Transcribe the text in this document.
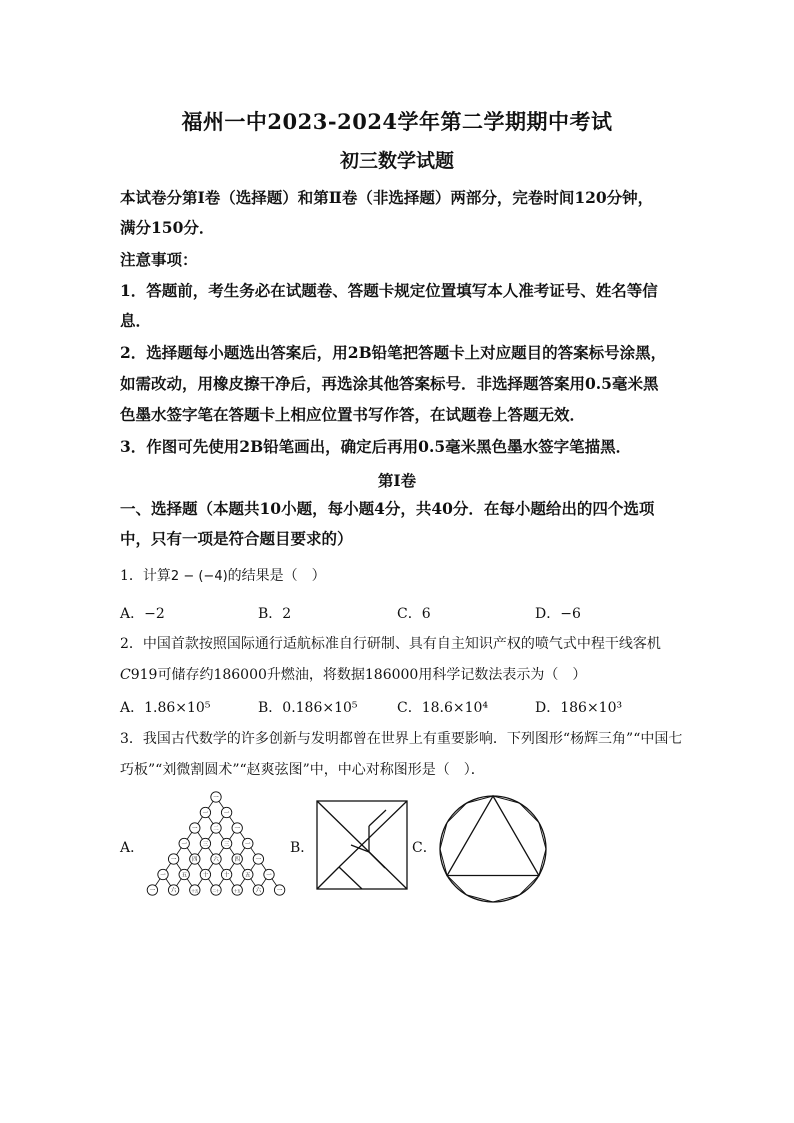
福州一中2023-2024学年第二学期期中考试
初三数学试题
本试卷分第Ⅰ卷（选择题）和第Ⅱ卷（非选择题）两部分，完卷时间120分钟，
满分150分．
注意事项：
1．答题前，考生务必在试题卷、答题卡规定位置填写本人准考证号、姓名等信
息．
2．选择题每小题选出答案后，用2B铅笔把答题卡上对应题目的答案标号涂黑，
如需改动，用橡皮擦干净后，再选涂其他答案标号．非选择题答案用0.5毫米黑
色墨水签字笔在答题卡上相应位置书写作答，在试题卷上答题无效．
3．作图可先使用2B铅笔画出，确定后再用0.5毫米黑色墨水签字笔描黑．
第Ⅰ卷
一、选择题（本题共10小题，每小题4分，共40分．在每小题给出的四个选项
中，只有一项是符合题目要求的）
1．计算2 − (−4)的结果是（　）
A．−2	B．2	C．6	D．−6
2．中国首款按照国际通行适航标准自行研制、具有自主知识产权的喷气式中程干线客机
C919可储存约186000升燃油，将数据186000用科学记数法表示为（　）
A．1.86×10⁵	B．0.186×10⁵	C．18.6×10⁴	D．186×10³
3．我国古代数学的许多创新与发明都曾在世界上有重要影响．下列图形“杨辉三角”“中国七
巧板”“刘微割圆术”“赵爽弦图”中，中心对称图形是（　）．
A．	B．	C．
一
一	一
一	二	一
一	三	三	一
一	四	六	四	一
一	五	十	十	五	一
一	六	十五	二十	十五	六	一
